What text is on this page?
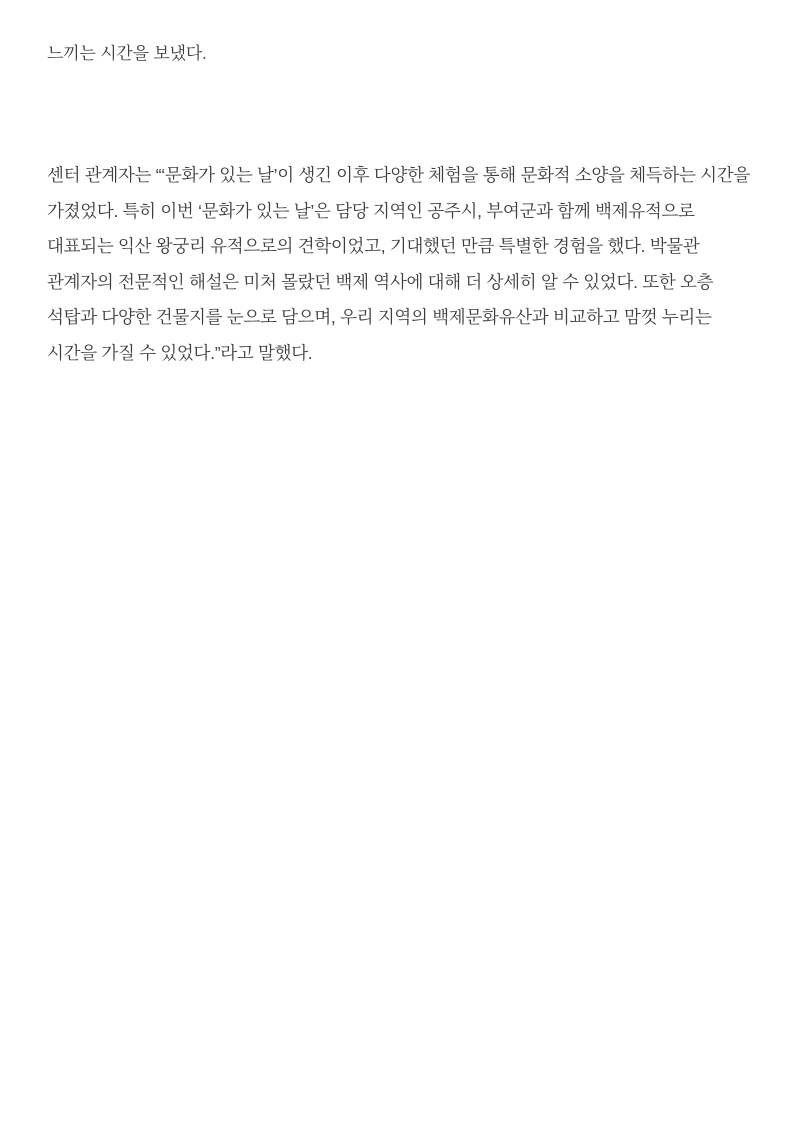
느끼는 시간을 보냈다.

센터 관계자는 “‘문화가 있는 날’이 생긴 이후 다양한 체험을 통해 문화적 소양을 체득하는 시간을 가졌었다. 특히 이번 ‘문화가 있는 날’은 담당 지역인 공주시, 부여군과 함께 백제유적으로 대표되는 익산 왕궁리 유적으로의 견학이었고, 기대했던 만큼 특별한 경험을 했다. 박물관 관계자의 전문적인 해설은 미처 몰랐던 백제 역사에 대해 더 상세히 알 수 있었다. 또한 오층 석탑과 다양한 건물지를 눈으로 담으며, 우리 지역의 백제문화유산과 비교하고 맘껏 누리는 시간을 가질 수 있었다.”라고 말했다.
